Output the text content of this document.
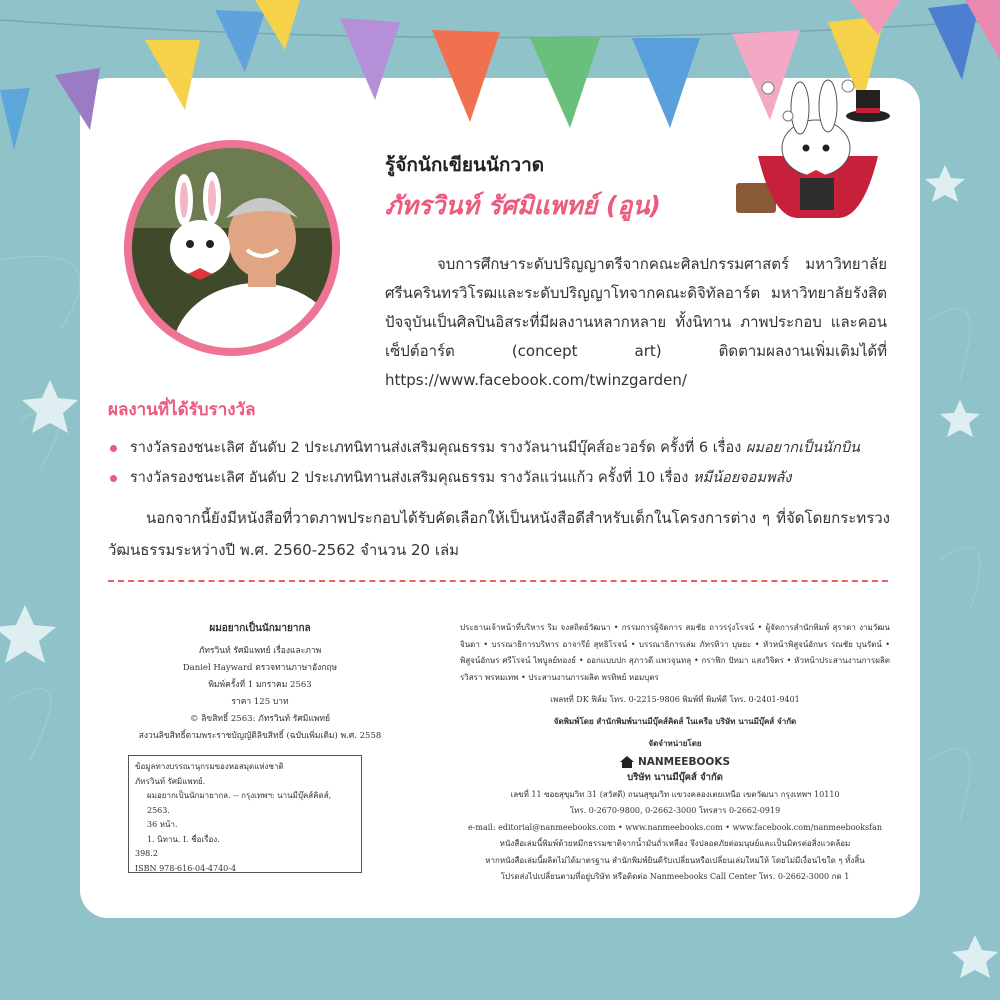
รู้จักนักเขียนนักวาด
ภัทรวินท์ รัศมิแพทย์ (อูน)

จบการศึกษาระดับปริญญาตรีจากคณะศิลปกรรมศาสตร์ มหาวิทยาลัยศรีนครินทรวิโรฒและระดับปริญญาโทจากคณะดิจิทัลอาร์ต มหาวิทยาลัยรังสิต ปัจจุบันเป็นศิลปินอิสระที่มีผลงานหลากหลาย ทั้งนิทาน ภาพประกอบ และคอนเซ็ปต์อาร์ต (concept art) ติดตามผลงานเพิ่มเติมได้ที่ https://www.facebook.com/twinzgarden/

ผลงานที่ได้รับรางวัล
รางวัลรองชนะเลิศ อันดับ 2 ประเภทนิทานส่งเสริมคุณธรรม รางวัลนานมีบุ๊คส์อะวอร์ด ครั้งที่ 6 เรื่อง ผมอยากเป็นนักบิน
รางวัลรองชนะเลิศ อันดับ 2 ประเภทนิทานส่งเสริมคุณธรรม รางวัลแว่นแก้ว ครั้งที่ 10 เรื่อง หมีน้อยจอมพลัง

นอกจากนี้ยังมีหนังสือที่วาดภาพประกอบได้รับคัดเลือกให้เป็นหนังสือดีสำหรับเด็กในโครงการต่าง ๆ ที่จัดโดยกระทรวงวัฒนธรรมระหว่างปี พ.ศ. 2560-2562 จำนวน 20 เล่ม

ผมอยากเป็นนักมายากล
ภัทรวินท์ รัศมิแพทย์ เรื่องและภาพ
Daniel Hayward ตรวจทานภาษาอังกฤษ
พิมพ์ครั้งที่ 1 มกราคม 2563
ราคา 125 บาท
© ลิขสิทธิ์ 2563: ภัทรวินท์ รัศมิแพทย์
สงวนลิขสิทธิ์ตามพระราชบัญญัติลิขสิทธิ์ (ฉบับเพิ่มเติม) พ.ศ. 2558
ข้อมูลทางบรรณานุกรมของหอสมุดแห่งชาติ
ภัทรวินท์ รัศมิแพทย์.
ผมอยากเป็นนักมายากล. -- กรุงเทพฯ: นานมีบุ๊คส์คิดส์, 2563.
36 หน้า.
1. นิทาน. I. ชื่อเรื่อง.
398.2
ISBN 978-616-04-4740-4
ประธานเจ้าหน้าที่บริหาร ริม จงสถิตย์วัฒนา • กรรมการผู้จัดการ สมชัย ถาวรรุ่งโรจน์ • ผู้จัดการสำนักพิมพ์ สุราดา งามวัฒนจินดา • บรรณาธิการบริหาร อาจารีย์ สุทธิโรจน์ • บรรณาธิการเล่ม ภัทรทิวา บุษยะ • หัวหน้าพิสูจน์อักษร รณชัย บุนรัตน์ • พิสูจน์อักษร ศรีโรจน์ ไพบูลย์ทองธ์ • ออกแบบปก สุภาวดี แพวจุนทลุ • กราฟิก ปัทมา แสงวิจิตร • หัวหน้าประสานงานการผลิต รวิสรา พรหมเทพ • ประสานงานการผลิต พรทิพย์ หอมบุตร
เพลทที่ DK ฟิล์ม โทร. 0-2215-9806 พิมพ์ที่ พิมพ์ดี โทร. 0-2401-9401
จัดพิมพ์โดย สำนักพิมพ์นานมีบุ๊คส์คิดส์ ในเครือ บริษัท นานมีบุ๊คส์ จำกัด
จัดจำหน่ายโดย
NANMEEBOOKS
บริษัท นานมีบุ๊คส์ จำกัด
เลขที่ 11 ซอยสุขุมวิท 31 (สวัสดี) ถนนสุขุมวิท แขวงคลองเตยเหนือ เขตวัฒนา กรุงเทพฯ 10110
โทร. 0-2670-9800, 0-2662-3000 โทรสาร 0-2662-0919
e-mail: editorial@nanmeebooks.com • www.nanmeebooks.com • www.facebook.com/nanmeebooksfan
หนังสือเล่มนี้พิมพ์ด้วยหมึกธรรมชาติจากน้ำมันถั่วเหลือง จึงปลอดภัยต่อมนุษย์และเป็นมิตรต่อสิ่งแวดล้อม
หากหนังสือเล่มนี้ผลิตไม่ได้มาตรฐาน สำนักพิมพ์ยินดีรับเปลี่ยนหรือเปลี่ยนเล่มใหม่ให้ โดยไม่มีเงื่อนไขใด ๆ ทั้งสิ้น
โปรดส่งไปเปลี่ยนตามที่อยู่บริษัท หรือติดต่อ Nanmeebooks Call Center โทร. 0-2662-3000 กด 1
